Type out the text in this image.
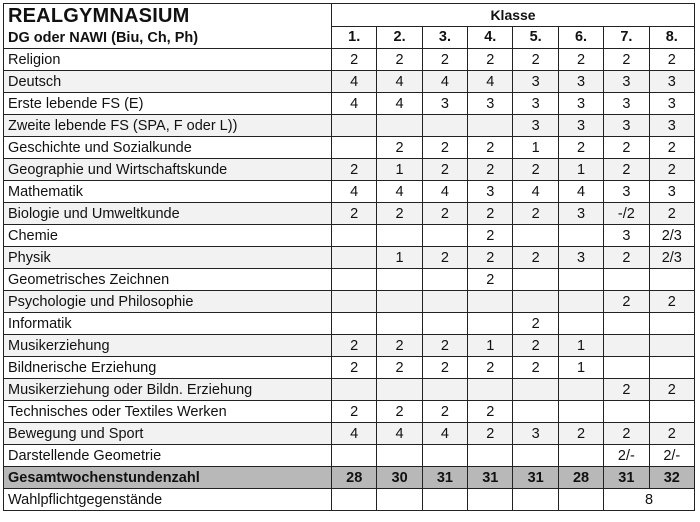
REALGYMNASIUM
DG oder NAWI (Biu, Ch, Ph)	Klasse							
	1.	2.	3.	4.	5.	6.	7.	8.
Religion	2	2	2	2	2	2	2	2
Deutsch	4	4	4	4	3	3	3	3
Erste lebende FS (E)	4	4	3	3	3	3	3	3
Zweite lebende FS (SPA, F oder L))					3	3	3	3
Geschichte und Sozialkunde		2	2	2	1	2	2	2
Geographie und Wirtschaftskunde	2	1	2	2	2	1	2	2
Mathematik	4	4	4	3	4	4	3	3
Biologie und Umweltkunde	2	2	2	2	2	3	-/2	2
Chemie				2			3	2/3
Physik		1	2	2	2	3	2	2/3
Geometrisches Zeichnen				2				
Psychologie und Philosophie							2	2
Informatik					2			
Musikerziehung	2	2	2	1	2	1		
Bildnerische Erziehung	2	2	2	2	2	1		
Musikerziehung oder Bildn. Erziehung							2	2
Technisches oder Textiles Werken	2	2	2	2				
Bewegung und Sport	4	4	4	2	3	2	2	2
Darstellende Geometrie							2/-	2/-
Gesamtwochenstundenzahl	28	30	31	31	31	28	31	32
Wahlpflichtgegenstände							8	
